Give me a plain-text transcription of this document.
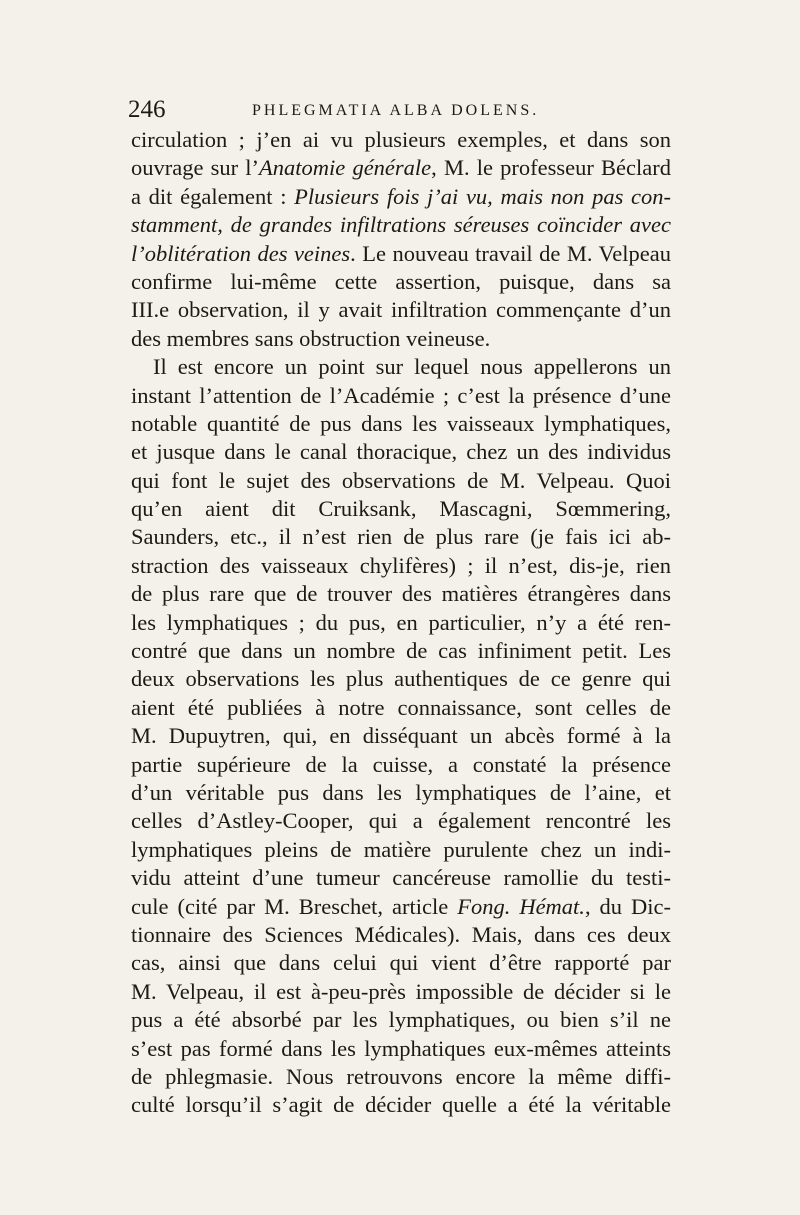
246	PHLEGMATIA ALBA DOLENS.
circulation ; j’en ai vu plusieurs exemples, et dans son
ouvrage sur l’Anatomie générale, M. le professeur Béclard
a dit également : Plusieurs fois j’ai vu, mais non pas con-
stamment, de grandes infiltrations séreuses coïncider avec
l’oblitération des veines. Le nouveau travail de M. Velpeau
confirme lui-même cette assertion, puisque, dans sa
III.e observation, il y avait infiltration commençante d’un
des membres sans obstruction veineuse.
Il est encore un point sur lequel nous appellerons un
instant l’attention de l’Académie ; c’est la présence d’une
notable quantité de pus dans les vaisseaux lymphatiques,
et jusque dans le canal thoracique, chez un des individus
qui font le sujet des observations de M. Velpeau. Quoi
qu’en aient dit Cruiksank, Mascagni, Sœmmering,
Saunders, etc., il n’est rien de plus rare (je fais ici ab-
straction des vaisseaux chylifères) ; il n’est, dis-je, rien
de plus rare que de trouver des matières étrangères dans
les lymphatiques ; du pus, en particulier, n’y a été ren-
contré que dans un nombre de cas infiniment petit. Les
deux observations les plus authentiques de ce genre qui
aient été publiées à notre connaissance, sont celles de
M. Dupuytren, qui, en disséquant un abcès formé à la
partie supérieure de la cuisse, a constaté la présence
d’un véritable pus dans les lymphatiques de l’aine, et
celles d’Astley-Cooper, qui a également rencontré les
lymphatiques pleins de matière purulente chez un indi-
vidu atteint d’une tumeur cancéreuse ramollie du testi-
cule (cité par M. Breschet, article Fong. Hémat., du Dic-
tionnaire des Sciences Médicales). Mais, dans ces deux
cas, ainsi que dans celui qui vient d’être rapporté par
M. Velpeau, il est à-peu-près impossible de décider si le
pus a été absorbé par les lymphatiques, ou bien s’il ne
s’est pas formé dans les lymphatiques eux-mêmes atteints
de phlegmasie. Nous retrouvons encore la même diffi-
culté lorsqu’il s’agit de décider quelle a été la véritable
